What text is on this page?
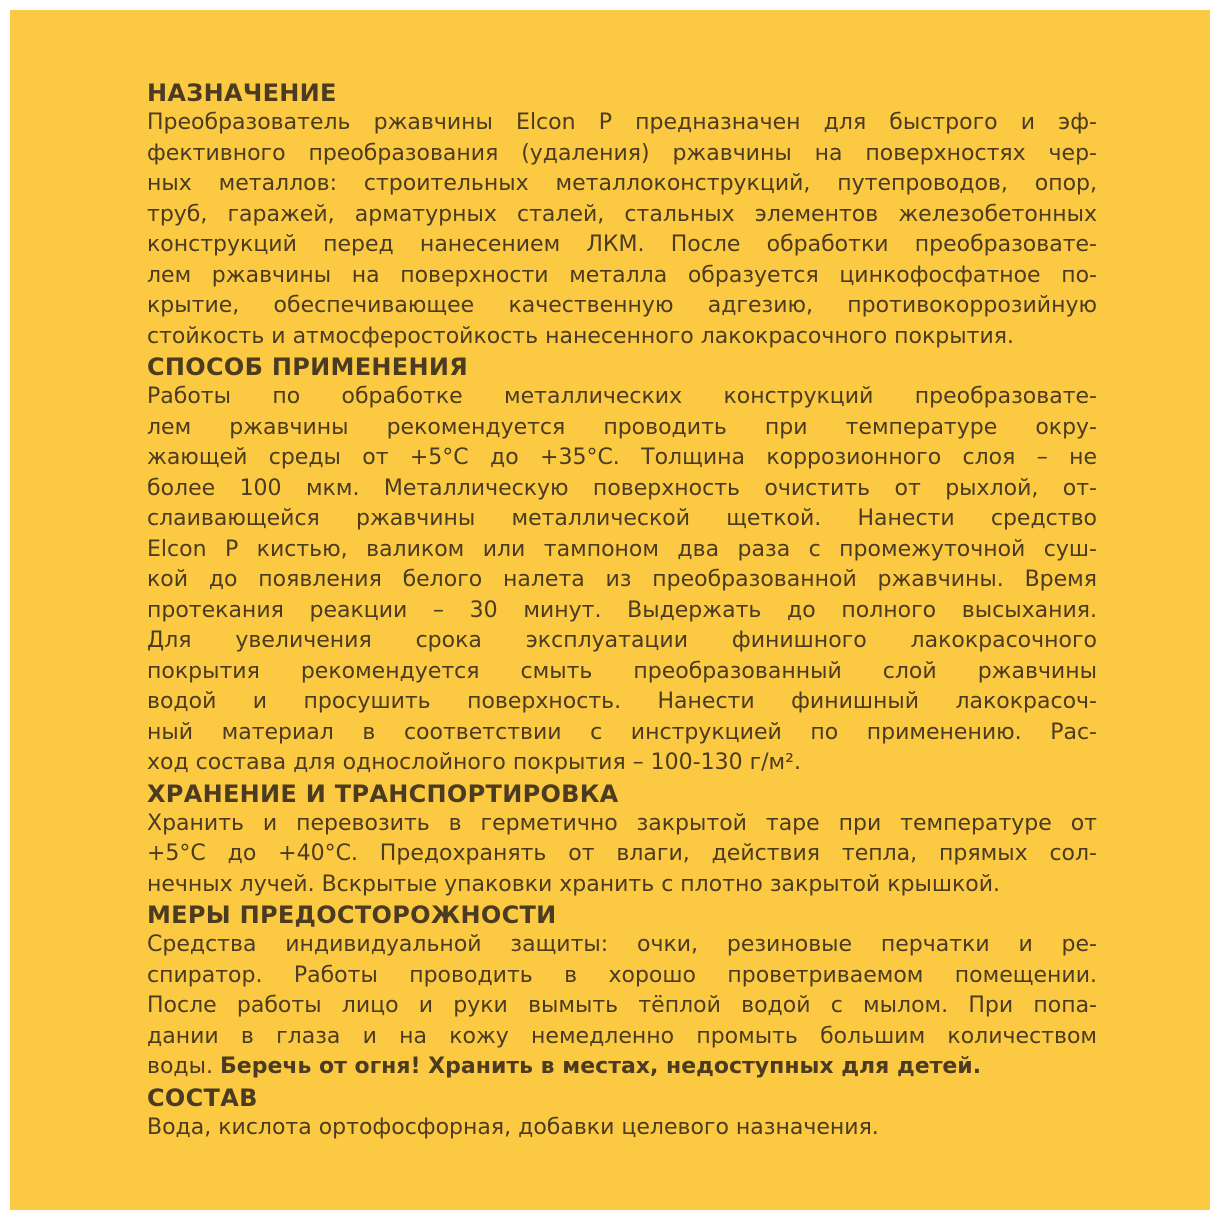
НАЗНАЧЕНИЕ
Преобразователь ржавчины Elcon P предназначен для быстрого и эф-
фективного преобразования (удаления) ржавчины на поверхностях чер-
ных металлов: строительных металлоконструкций, путепроводов, опор,
труб, гаражей, арматурных сталей, стальных элементов железобетонных
конструкций перед нанесением ЛКМ. После обработки преобразовате-
лем ржавчины на поверхности металла образуется цинкофосфатное по-
крытие, обеспечивающее качественную адгезию, противокоррозийную
стойкость и атмосферостойкость нанесенного лакокрасочного покрытия.
СПОСОБ ПРИМЕНЕНИЯ
Работы по обработке металлических конструкций преобразовате-
лем ржавчины рекомендуется проводить при температуре окру-
жающей среды от +5°C до +35°C. Толщина коррозионного слоя – не
более 100 мкм. Металлическую поверхность очистить от рыхлой, от-
слаивающейся ржавчины металлической щеткой. Нанести средство
Elcon P кистью, валиком или тампоном два раза с промежуточной суш-
кой до появления белого налета из преобразованной ржавчины. Время
протекания реакции – 30 минут. Выдержать до полного высыхания.
Для увеличения срока эксплуатации финишного лакокрасочного
покрытия рекомендуется смыть преобразованный слой ржавчины
водой и просушить поверхность. Нанести финишный лакокрасоч-
ный материал в соответствии с инструкцией по применению. Рас-
ход состава для однослойного покрытия – 100-130 г/м².
ХРАНЕНИЕ И ТРАНСПОРТИРОВКА
Хранить и перевозить в герметично закрытой таре при температуре от
+5°C до +40°C. Предохранять от влаги, действия тепла, прямых сол-
нечных лучей. Вскрытые упаковки хранить с плотно закрытой крышкой.
МЕРЫ ПРЕДОСТОРОЖНОСТИ
Средства индивидуальной защиты: очки, резиновые перчатки и ре-
спиратор. Работы проводить в хорошо проветриваемом помещении.
После работы лицо и руки вымыть тёплой водой с мылом. При попа-
дании в глаза и на кожу немедленно промыть большим количеством
воды. Беречь от огня! Хранить в местах, недоступных для детей.
СОСТАВ
Вода, кислота ортофосфорная, добавки целевого назначения.
